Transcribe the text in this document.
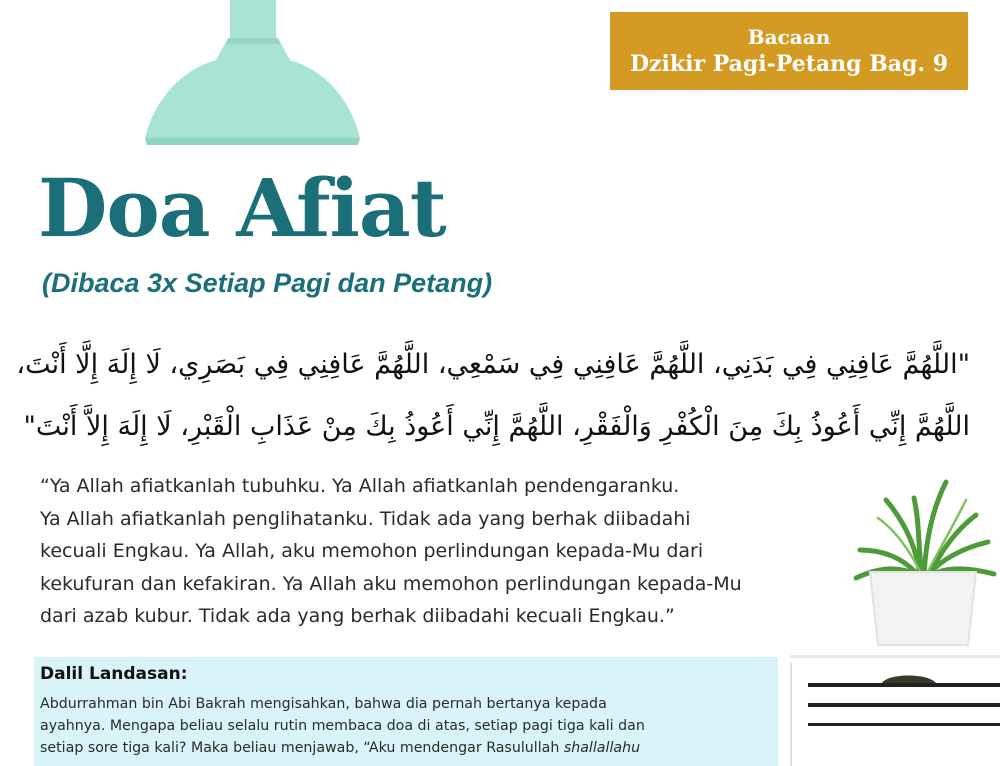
Bacaan
Dzikir Pagi-Petang Bag. 9
Doa Afiat
(Dibaca 3x Setiap Pagi dan Petang)
"اللَّهُمَّ عَافِنِي فِي بَدَنِي، اللَّهُمَّ عَافِنِي فِي سَمْعِي، اللَّهُمَّ عَافِنِي فِي بَصَرِي، لَا إِلَهَ إِلَّا أَنْتَ،
اللَّهُمَّ إِنِّي أَعُوذُ بِكَ مِنَ الْكُفْرِ وَالْفَقْرِ، اللَّهُمَّ إِنِّي أَعُوذُ بِكَ مِنْ عَذَابِ الْقَبْرِ، لَا إِلَهَ إِلاَّ أَنْتَ"
“Ya Allah afiatkanlah tubuhku. Ya Allah afiatkanlah pendengaranku.
Ya Allah afiatkanlah penglihatanku. Tidak ada yang berhak diibadahi
kecuali Engkau. Ya Allah, aku memohon perlindungan kepada-Mu dari
kekufuran dan kefakiran. Ya Allah aku memohon perlindungan kepada-Mu
dari azab kubur. Tidak ada yang berhak diibadahi kecuali Engkau.”
Dalil Landasan:
Abdurrahman bin Abi Bakrah mengisahkan, bahwa dia pernah bertanya kepada
ayahnya. Mengapa beliau selalu rutin membaca doa di atas, setiap pagi tiga kali dan
setiap sore tiga kali? Maka beliau menjawab, “Aku mendengar Rasulullah shallallahu
